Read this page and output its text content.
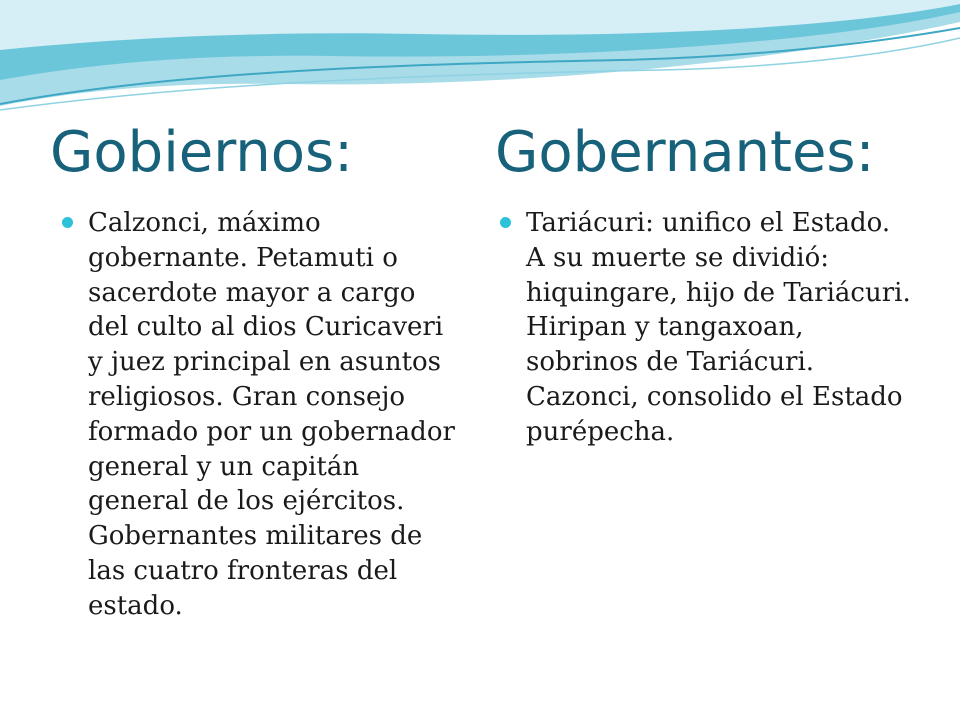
Gobiernos:	Gobernantes:
Calzonci, máximo gobernante. Petamuti o sacerdote mayor a cargo del culto al dios Curicaveri y juez principal en asuntos religiosos. Gran consejo formado por un gobernador general y un capitán general de los ejércitos. Gobernantes militares de las cuatro fronteras del estado.
Tariácuri: unifico el Estado. A su muerte se dividió: hiquingare, hijo de Tariácuri. Hiripan y tangaxoan, sobrinos de Tariácuri. Cazonci, consolido el Estado purépecha.
